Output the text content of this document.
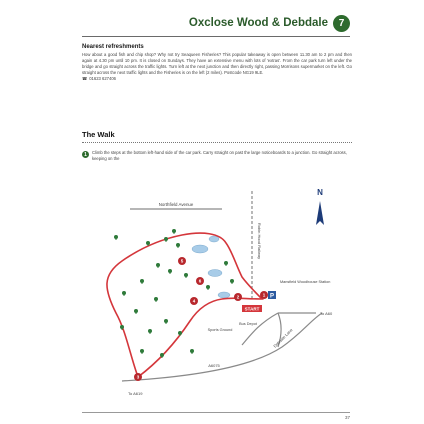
Oxclose Wood & Debdale	7
Nearest refreshments
How about a good fish and chip shop? Why not try Seaqueen Fisheries? This popular takeaway is open between 11.30 am to 2 pm and then again at 4.30 pm until 10 pm. It is closed on Sundays. They have an extensive menu with lots of 'extras'. From the car park turn left under the bridge and go straight across the traffic lights. Turn left at the next junction and then directly right, passing Morrisons supermarket on the left. Go straight across the next traffic lights and the Fisheries is on the left (2 miles). Postcode NG19 9LE.
☎ 01623 627406
The Walk
1	Climb the steps at the bottom left-hand side of the car park. Carry straight on past the large noticeboards to a junction. Go straight across, keeping on the
1
2
3
4
5
6
P
START
N
Northfield Avenue
Robin Hood Railway
Mansfield Woodhouse Station
To A60
Sports Ground
Bus Depot
A6075
Debdale Lane
To A619
37
